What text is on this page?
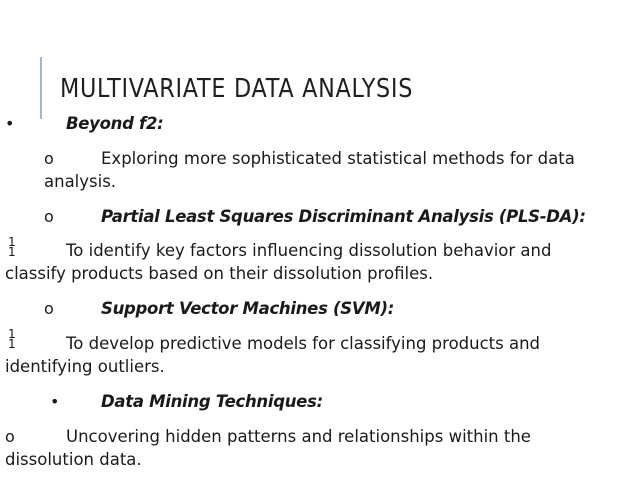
MULTIVARIATE DATA ANALYSIS
•	Beyond f2:
o	Exploring more sophisticated statistical methods for data
analysis.
o	Partial Least Squares Discriminant Analysis (PLS-DA):
1
1	To identify key factors influencing dissolution behavior and
classify products based on their dissolution profiles.
o	Support Vector Machines (SVM):
1
1	To develop predictive models for classifying products and
identifying outliers.
•	Data Mining Techniques:
o	Uncovering hidden patterns and relationships within the
dissolution data.
